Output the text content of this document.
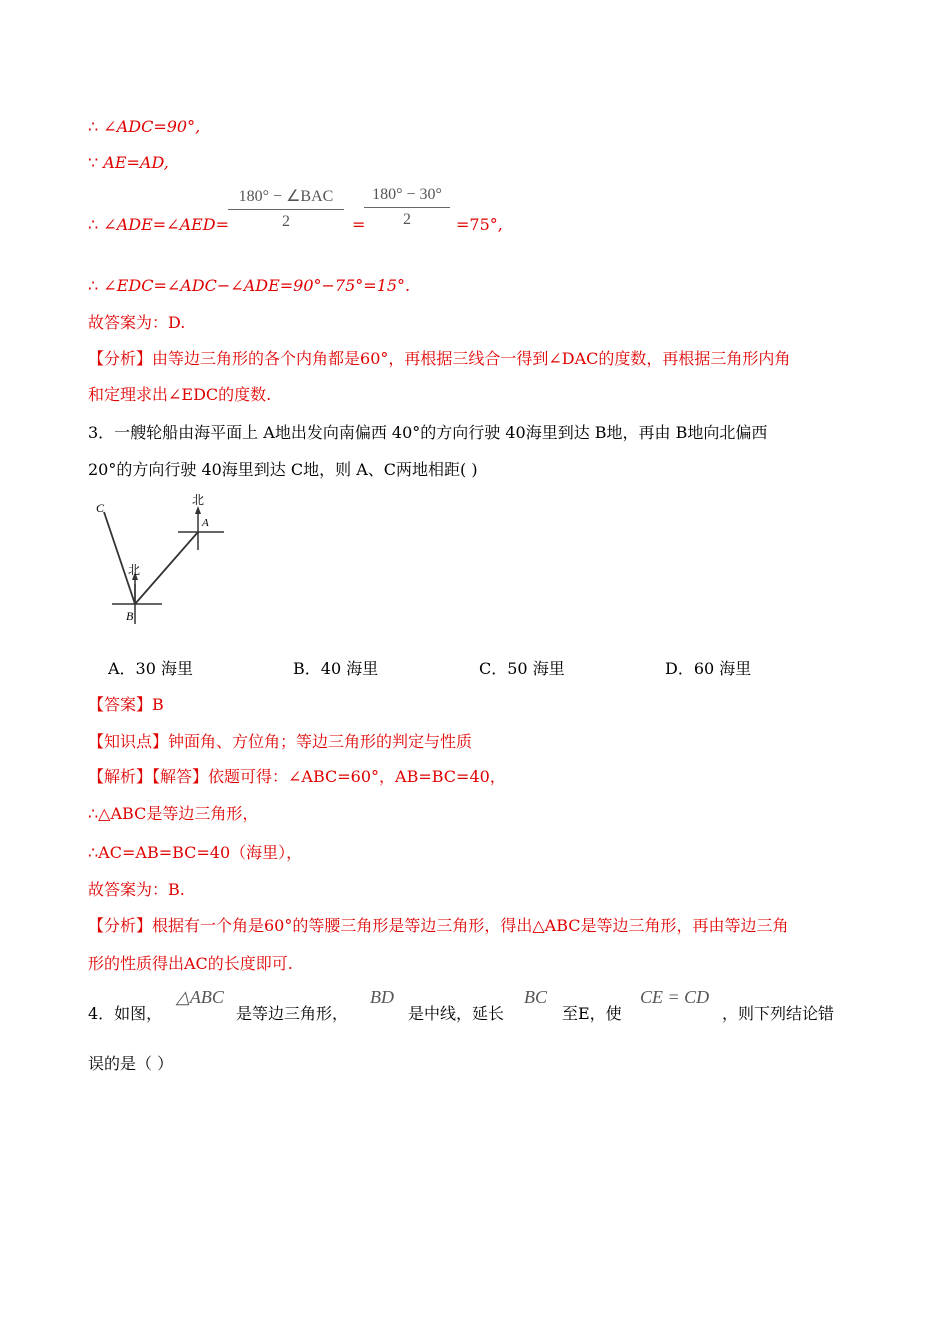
∴ ∠ADC=90°,
∵ AE=AD,
∴ ∠ADE=∠AED=
180° − ∠BAC
2	=
180° − 30°
2	=75°,
∴ ∠EDC=∠ADC−∠ADE=90°−75°=15°.
故答案为：D.
【分析】由等边三角形的各个内角都是60°，再根据三线合一得到∠DAC的度数，再根据三角形内角
和定理求出∠EDC的度数.
3．一艘轮船由海平面上 A地出发向南偏西 40°的方向行驶 40海里到达 B地，再由 B地向北偏西
20°的方向行驶 40海里到达 C地，则 A、C两地相距( )
北
北
C
B
A
A．30 海里	B．40 海里	C．50 海里	D．60 海里
【答案】B
【知识点】钟面角、方位角；等边三角形的判定与性质
【解析】【解答】依题可得：∠ABC=60°，AB=BC=40，
∴△ABC是等边三角形，
∴AC=AB=BC=40（海里），
故答案为：B.
【分析】根据有一个角是60°的等腰三角形是等边三角形，得出△ABC是等边三角形，再由等边三角
形的性质得出AC的长度即可.
4．如图，
△ABC
是等边三角形，
BD
是中线，延长
BC
至E，使
CE = CD
，则下列结论错
误的是（ ）
